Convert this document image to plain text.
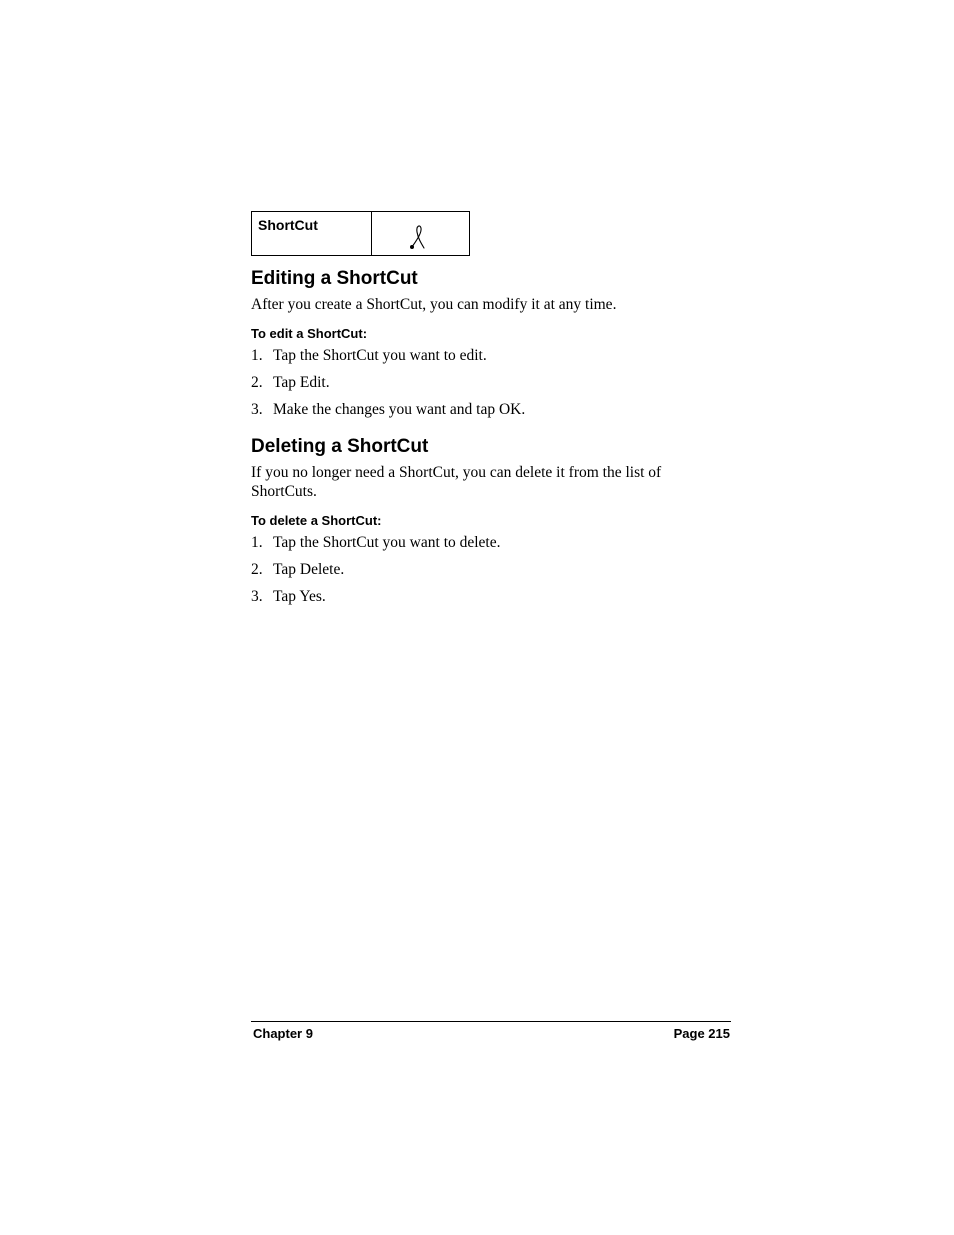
ShortCut

Editing a ShortCut

After you create a ShortCut, you can modify it at any time.

To edit a ShortCut:
1. Tap the ShortCut you want to edit.
2. Tap Edit.
3. Make the changes you want and tap OK.
Deleting a ShortCut

If you no longer need a ShortCut, you can delete it from the list of ShortCuts.

To delete a ShortCut:
1. Tap the ShortCut you want to delete.
2. Tap Delete.
3. Tap Yes.
Chapter 9	Page 215
